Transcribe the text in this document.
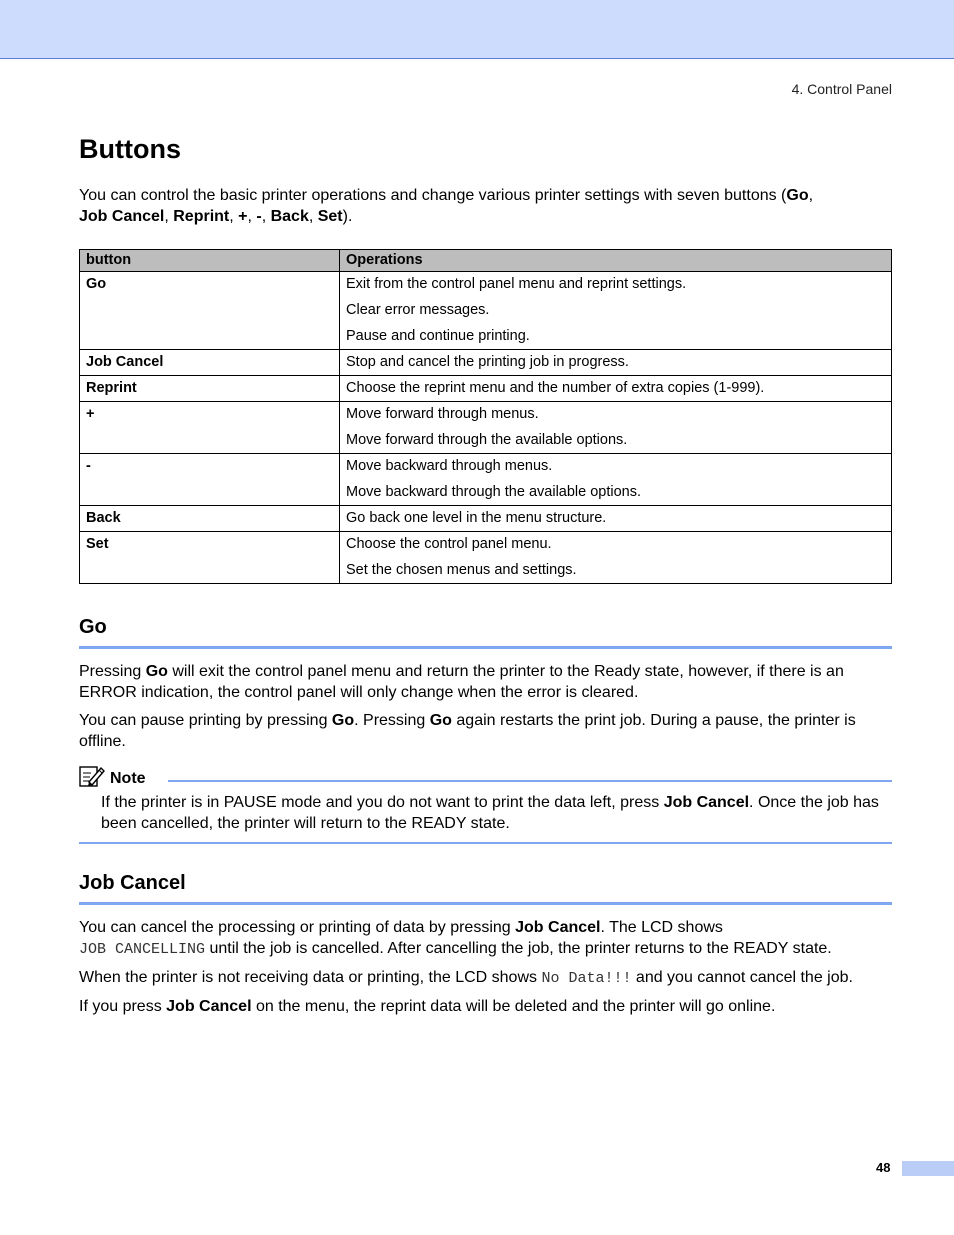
4. Control Panel
Buttons

You can control the basic printer operations and change various printer settings with seven buttons (Go,
Job Cancel, Reprint, +, -, Back, Set).

button	Operations
Go	Exit from the control panel menu and reprint settings.
Clear error messages.
Pause and continue printing.

Job Cancel	Stop and cancel the printing job in progress.

Reprint	Choose the reprint menu and the number of extra copies (1-999).

+	Move forward through menus.
Move forward through the available options.

-	Move backward through menus.
Move backward through the available options.

Back	Go back one level in the menu structure.

Set	Choose the control panel menu.
Set the chosen menus and settings.
Go

Pressing Go will exit the control panel menu and return the printer to the Ready state, however, if there is an ERROR indication, the control panel will only change when the error is cleared.

You can pause printing by pressing Go. Pressing Go again restarts the print job. During a pause, the printer is offline.

Note

If the printer is in PAUSE mode and you do not want to print the data left, press Job Cancel. Once the job has been cancelled, the printer will return to the READY state.

Job Cancel

You can cancel the processing or printing of data by pressing Job Cancel. The LCD shows
JOB CANCELLING until the job is cancelled. After cancelling the job, the printer returns to the READY state.

When the printer is not receiving data or printing, the LCD shows No Data!!! and you cannot cancel the job.

If you press Job Cancel on the menu, the reprint data will be deleted and the printer will go online.

48
